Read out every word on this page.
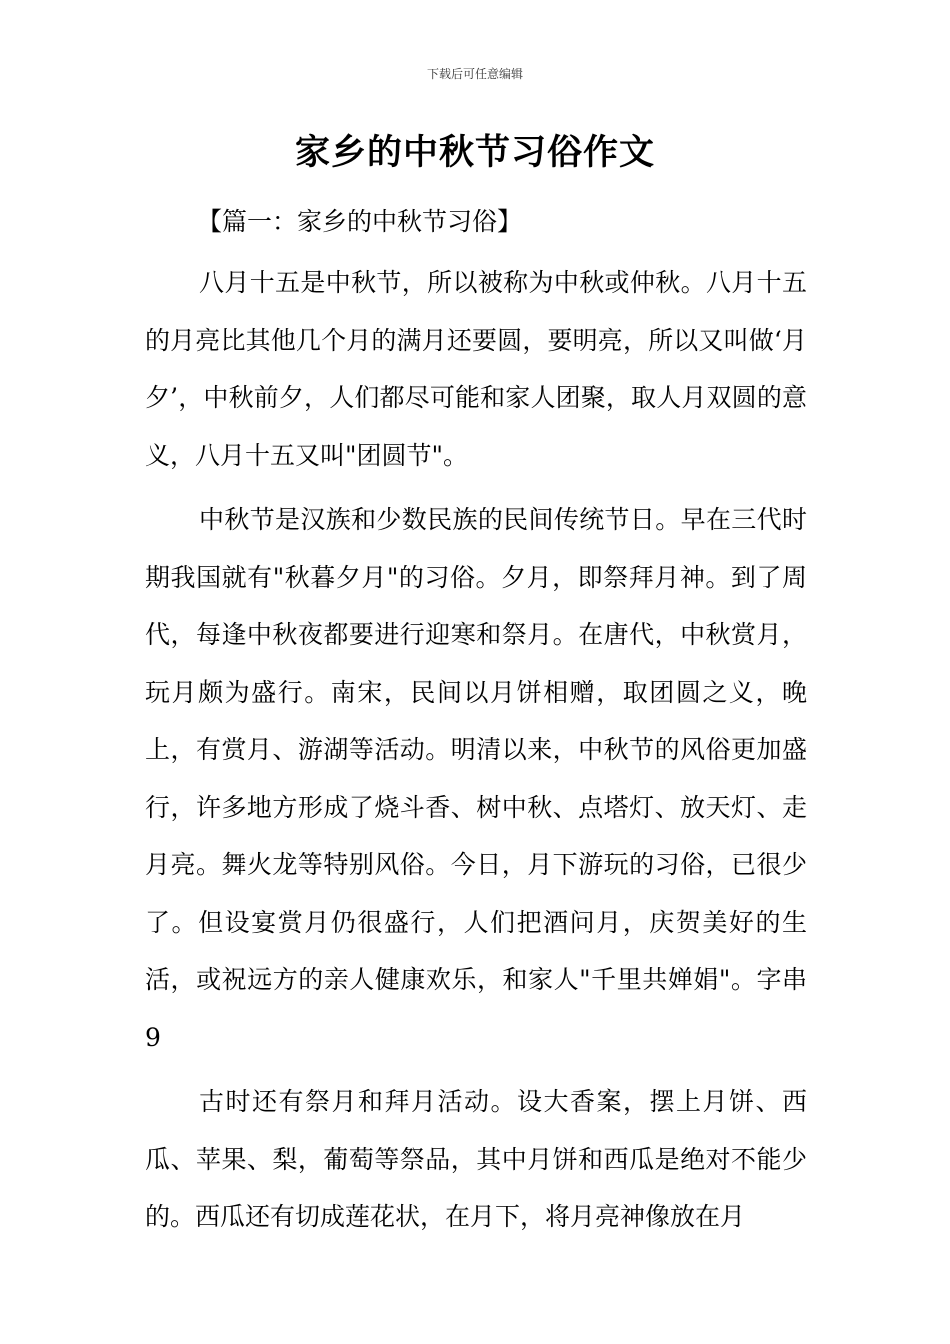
下载后可任意编辑
家乡的中秋节习俗作文

【篇一：家乡的中秋节习俗】

八月十五是中秋节，所以被称为中秋或仲秋。八月十五的月亮比其他几个月的满月还要圆，要明亮，所以又叫做‘月夕’，中秋前夕，人们都尽可能和家人团聚，取人月双圆的意义，八月十五又叫"团圆节"。

中秋节是汉族和少数民族的民间传统节日。早在三代时期我国就有"秋暮夕月"的习俗。夕月，即祭拜月神。到了周代，每逢中秋夜都要进行迎寒和祭月。在唐代，中秋赏月，玩月颇为盛行。南宋，民间以月饼相赠，取团圆之义，晚上，有赏月、游湖等活动。明清以来，中秋节的风俗更加盛行，许多地方形成了烧斗香、树中秋、点塔灯、放天灯、走月亮。舞火龙等特别风俗。今日，月下游玩的习俗，已很少了。但设宴赏月仍很盛行，人们把酒问月，庆贺美好的生活，或祝远方的亲人健康欢乐，和家人"千里共婵娟"。字串9

古时还有祭月和拜月活动。设大香案，摆上月饼、西瓜、苹果、梨，葡萄等祭品，其中月饼和西瓜是绝对不能少的。西瓜还有切成莲花状，在月下，将月亮神像放在月
